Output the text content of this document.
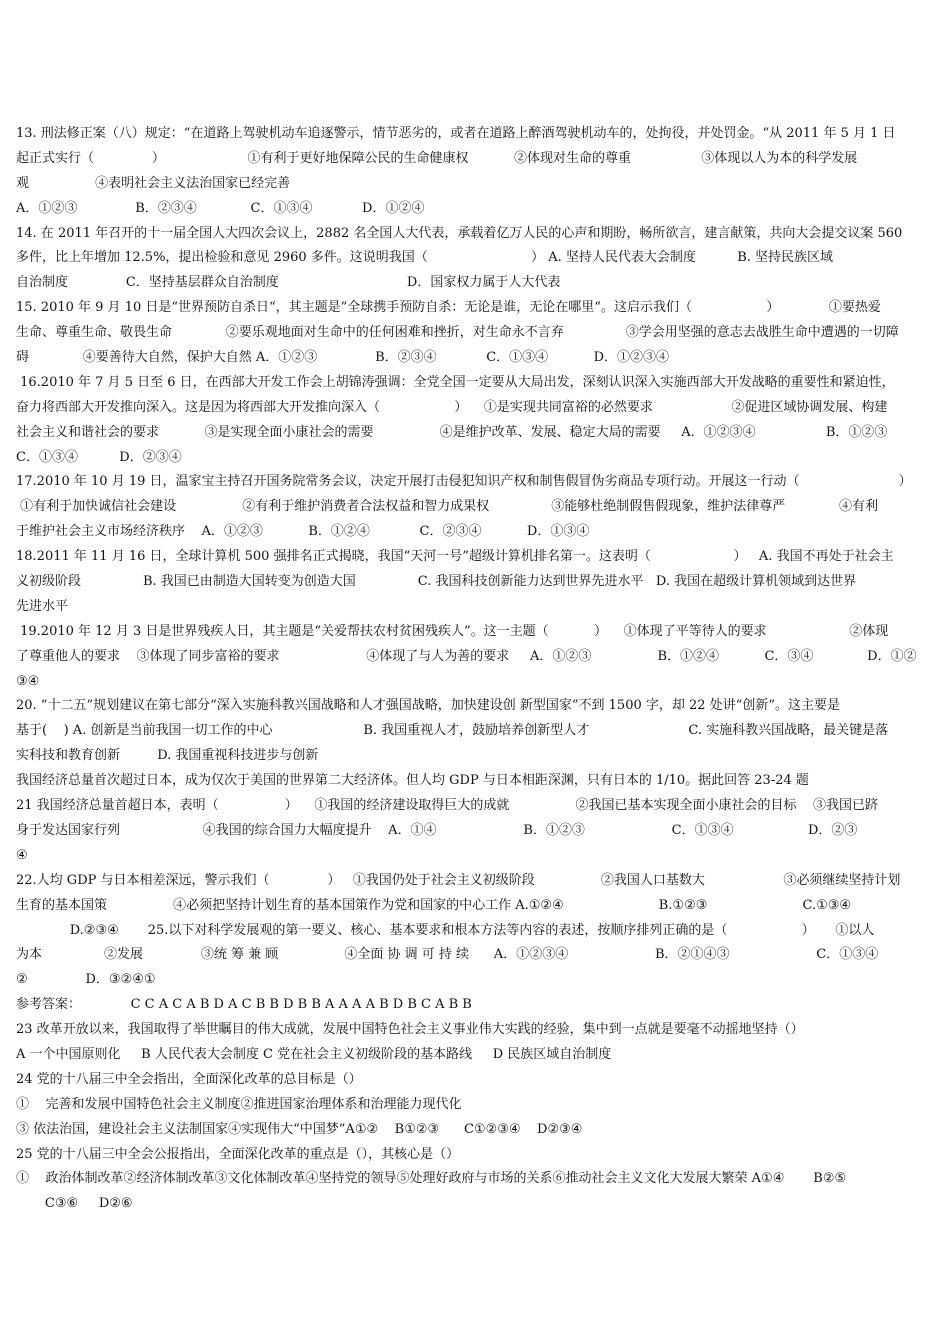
13. 刑法修正案（八）规定：“在道路上驾驶机动车追逐警示，情节恶劣的，或者在道路上醉酒驾驶机动车的，处拘役，并处罚金。“从 2011 年 5 月 1 日
起正式实行（              ）                    ①有利于更好地保障公民的生命健康权           ②体现对生命的尊重                 ③体现以人为本的科学发展
观                ④表明社会主义法治国家已经完善
A．①②③              B．②③④             C．①③④            D．①②④
14. 在 2011 年召开的十一届全国人大四次会议上，2882 名全国人大代表，承载着亿万人民的心声和期盼，畅所欲言，建言献策，共向大会提交议案 560
多件，比上年增加 12.5%，提出检验和意见 2960 多件。这说明我国（                         ） A. 坚持人民代表大会制度          B. 坚持民族区域
自治制度              C．坚持基层群众自治制度                               D．国家权力属于人大代表
15. 2010 年 9 月 10 日是“世界预防自杀日“，其主题是”全球携手预防自杀：无论是谁，无论在哪里“。这启示我们（                  ）            ①要热爱
生命、尊重生命、敬畏生命             ②要乐观地面对生命中的任何困难和挫折，对生命永不言弃               ③学会用坚强的意志去战胜生命中遭遇的一切障
碍             ④要善待大自然，保护大自然 A．①②③              B．②③④            C．①③④           D．①②③④
16.2010 年 7 月 5 日至 6 日，在西部大开发工作会上胡锦涛强调：全党全国一定要从大局出发，深刻认识深入实施西部大开发战略的重要性和紧迫性，
奋力将西部大开发推向深入。这是因为将西部大开发推向深入（                  ）    ①是实现共同富裕的必然要求                   ②促进区域协调发展、构建
社会主义和谐社会的要求           ③是实现全面小康社会的需要                ④是维护改革、发展、稳定大局的需要     A．①②③④                 B．①②③
C．①③④          D．②③④
17.2010 年 10 月 19 日，温家宝主持召开国务院常务会议，决定开展打击侵犯知识产权和制售假冒伪劣商品专项行动。开展这一行动（                        ）
①有利于加快诚信社会建设                ②有利于维护消费者合法权益和智力成果权               ③能够杜绝制假售假现象，维护法律尊严             ④有利
于维护社会主义市场经济秩序    A．①②③           B．①②④            C．②③④           D．①③④
18.2011 年 11 月 16 日，全球计算机 500 强排名正式揭晓，我国“天河一号”超级计算机排名第一。这表明（                    ）   A. 我国不再处于社会主
义初级阶段               B. 我国已由制造大国转变为创造大国               C. 我国科技创新能力达到世界先进水平   D. 我国在超级计算机领域到达世界
先进水平
19.2010 年 12 月 3 日是世界残疾人日，其主题是“关爱帮扶农村贫困残疾人”。这一主题（           ）    ①体现了平等待人的要求                    ②体现
了尊重他人的要求    ③体现了同步富裕的要求                     ④体现了与人为善的要求     A．①②③                B．①②④           C．③④             D．①②
③④
20. “十二五”规划建议在第七部分“深入实施科教兴国战略和人才强国战略，加快建设创 新型国家”不到 1500 字，却 22 处讲“创新”。这主要是
基于(    ) A. 创新是当前我国一切工作的中心                      B. 我国重视人才，鼓励培养创新型人才                        C. 实施科教兴国战略，最关键是落
实科技和教育创新         D. 我国重视科技进步与创新
我国经济总量首次超过日本，成为仅次于美国的世界第二大经济体。但人均 GDP 与日本相距深渊，只有日本的 1/10。据此回答 23-24 题
21 我国经济总量首超日本，表明（                ）    ①我国的经济建设取得巨大的成就                ②我国已基本实现全面小康社会的目标    ③我国已跻
身于发达国家行列                    ④我国的综合国力大幅度提升    A．①④                     B．①②③                     C．①③④                  D．②③
④
22.人均 GDP 与日本相差深远，警示我们（              ）   ①我国仍处于社会主义初级阶段                ②我国人口基数大                   ③必须继续坚持计划
生育的基本国策                ④必须把坚持计划生育的基本国策作为党和国家的中心工作 A.①②④                       B.①②③                       C.①③④
D.②③④       25.以下对科学发展观的第一要义、核心、基本要求和根本方法等内容的表述，按顺序排列正确的是（                  ）     ①以人
为本               ②发展              ③统 筹 兼 顾                ④全面 协 调 可 持 续      A．①②③④                     B．②①④③                     C．①③④
②              D．③②④①
参考答案：            C C A C A B D A C B B D B B A A A A B D B C A B B
23 改革开放以来，我国取得了举世瞩目的伟大成就，发展中国特色社会主义事业伟大实践的经验，集中到一点就是要毫不动摇地坚持（）
A 一个中国原则化     B 人民代表大会制度 C 党在社会主义初级阶段的基本路线     D 民族区域自治制度
24 党的十八届三中全会指出，全面深化改革的总目标是（）
①    完善和发展中国特色社会主义制度②推进国家治理体系和治理能力现代化
③ 依法治国，建设社会主义法制国家④实现伟大“中国梦”A①②    B①②③      C①②③④    D②③④
25 党的十八届三中全会公报指出，全面深化改革的重点是（），其核心是（）
①    政治体制改革②经济体制改革③文化体制改革④坚持党的领导⑤处理好政府与市场的关系⑥推动社会主义文化大发展大繁荣 A①④       B②⑤
C③⑥     D②⑥
